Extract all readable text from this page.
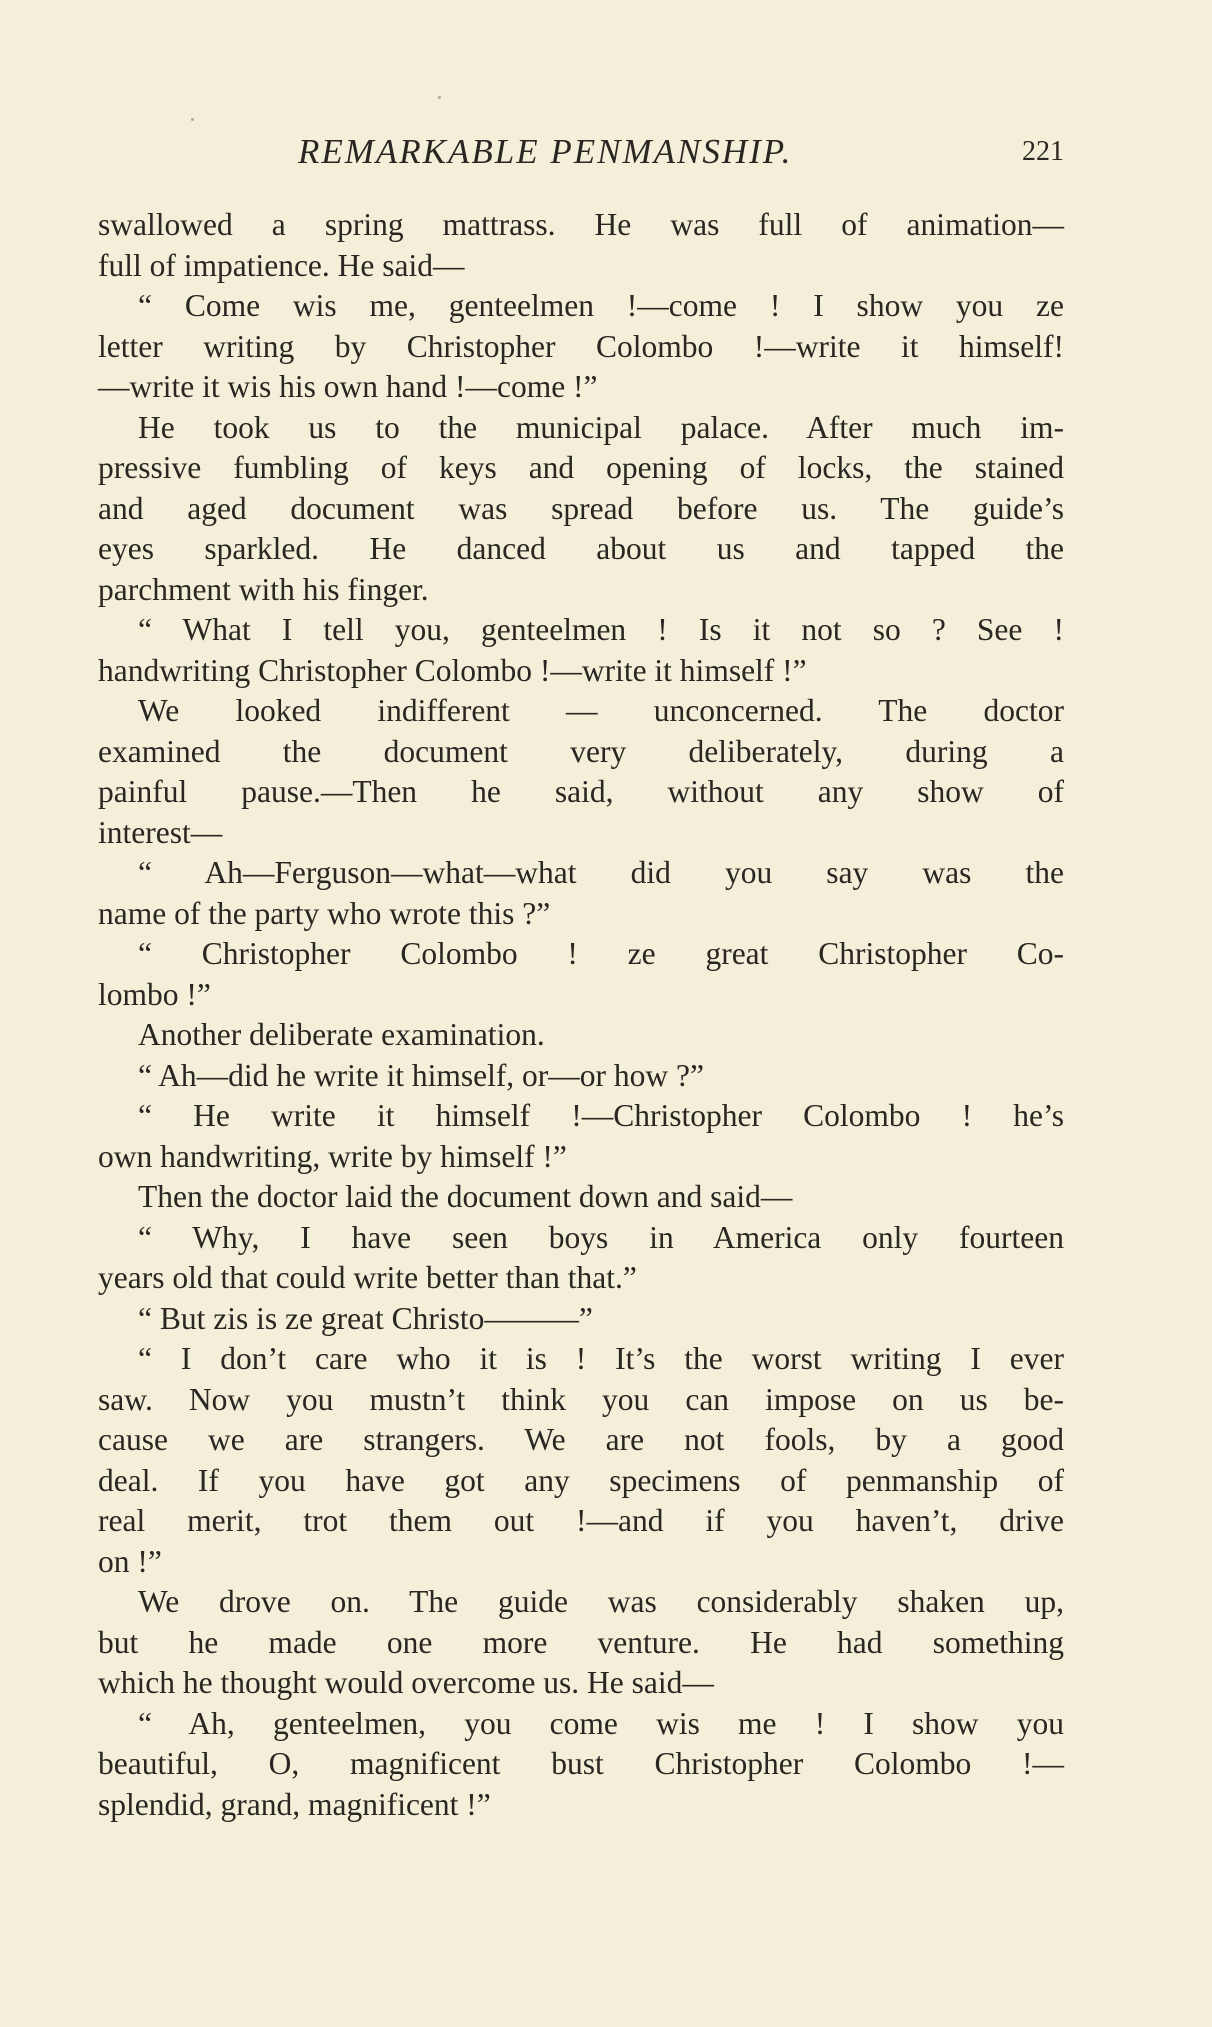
REMARKABLE PENMANSHIP.	221
swallowed a spring mattrass. He was full of animation—
full of impatience. He said—
“ Come wis me, genteelmen !—come ! I show you ze
letter writing by Christopher Colombo !—write it himself!
—write it wis his own hand !—come !”
He took us to the municipal palace. After much im-
pressive fumbling of keys and opening of locks, the stained
and aged document was spread before us. The guide’s
eyes sparkled. He danced about us and tapped the
parchment with his finger.
“ What I tell you, genteelmen ! Is it not so ? See !
handwriting Christopher Colombo !—write it himself !”
We looked indifferent — unconcerned. The doctor
examined the document very deliberately, during a
painful pause.—Then he said, without any show of
interest—
“ Ah—Ferguson—what—what did you say was the
name of the party who wrote this ?”
“ Christopher Colombo ! ze great Christopher Co-
lombo !”
Another deliberate examination.
“ Ah—did he write it himself, or—or how ?”
“ He write it himself !—Christopher Colombo ! he’s
own handwriting, write by himself !”
Then the doctor laid the document down and said—
“ Why, I have seen boys in America only fourteen
years old that could write better than that.”
“ But zis is ze great Christo———”
“ I don’t care who it is ! It’s the worst writing I ever
saw. Now you mustn’t think you can impose on us be-
cause we are strangers. We are not fools, by a good
deal. If you have got any specimens of penmanship of
real merit, trot them out !—and if you haven’t, drive
on !”
We drove on. The guide was considerably shaken up,
but he made one more venture. He had something
which he thought would overcome us. He said—
“ Ah, genteelmen, you come wis me ! I show you
beautiful, O, magnificent bust Christopher Colombo !—
splendid, grand, magnificent !”
